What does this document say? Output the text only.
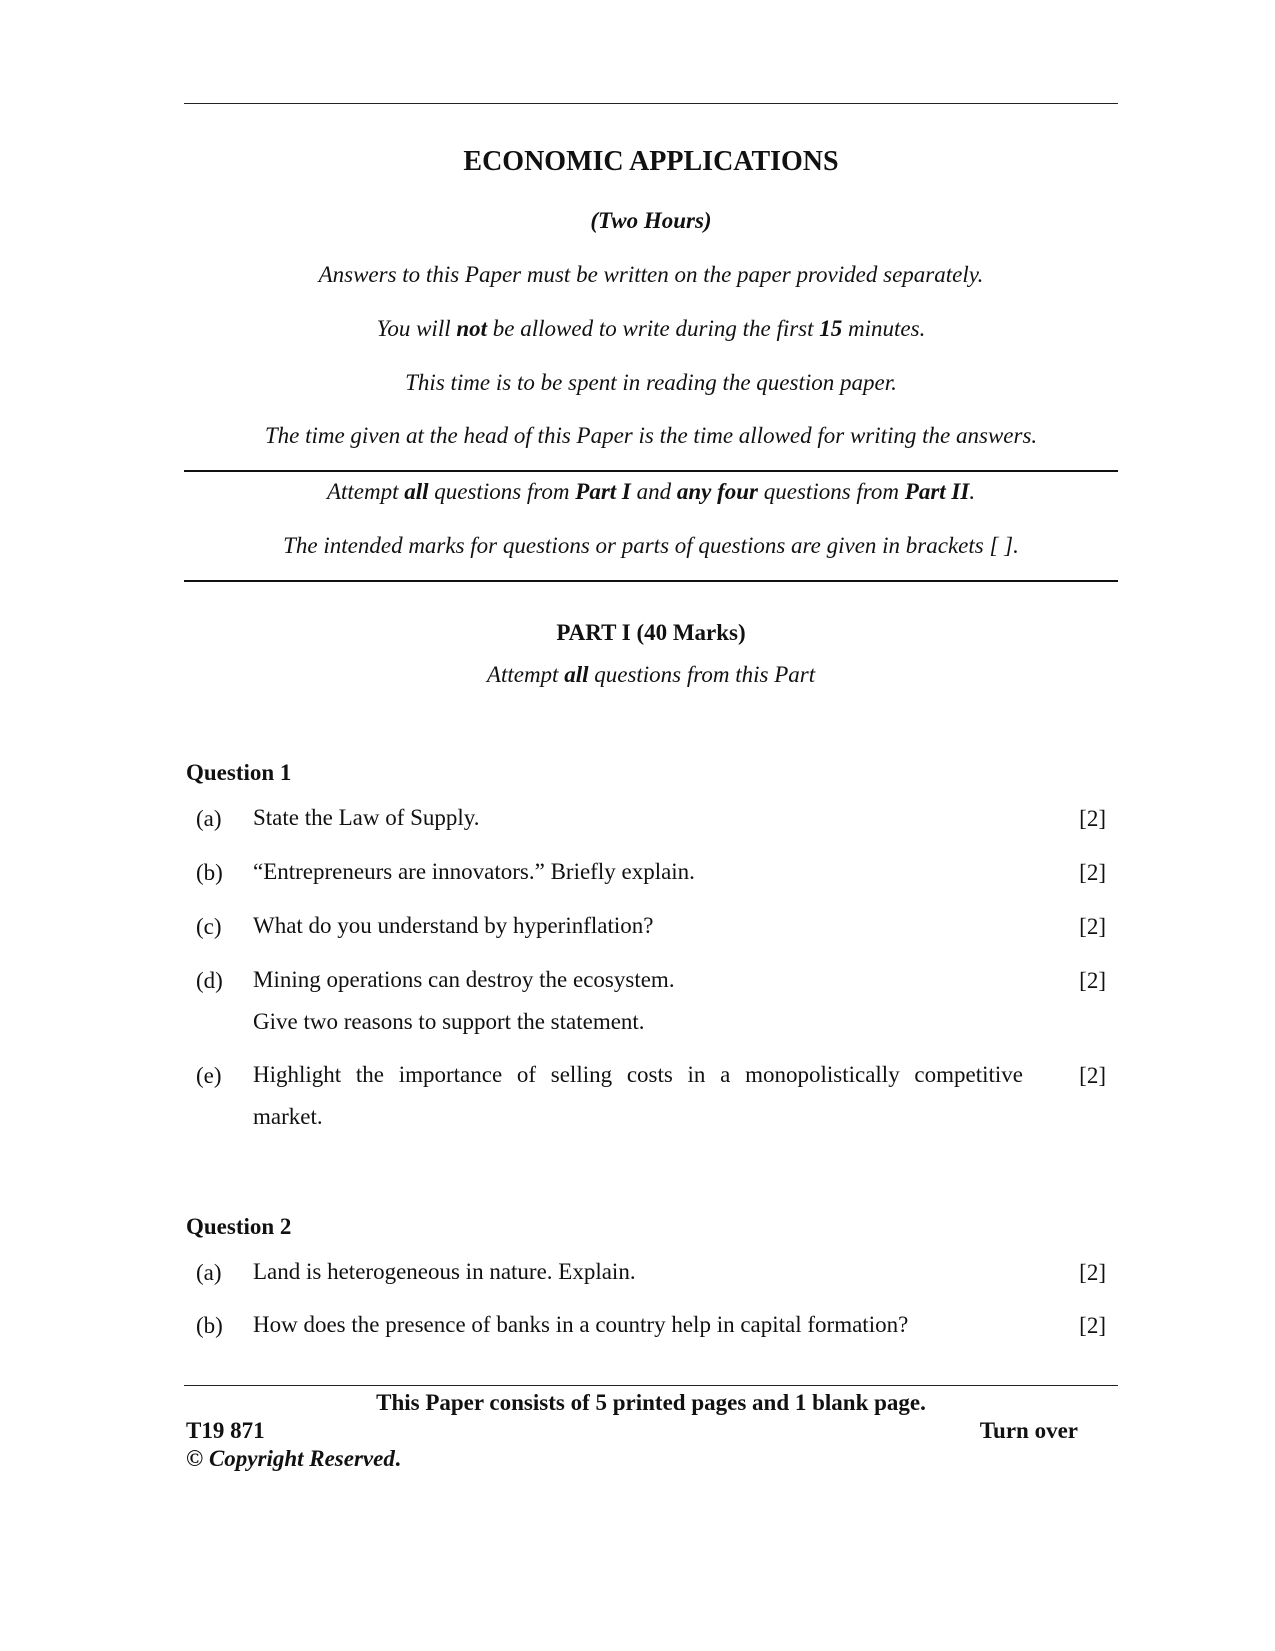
ECONOMIC APPLICATIONS
(Two Hours)
Answers to this Paper must be written on the paper provided separately.
You will not be allowed to write during the first 15 minutes.
This time is to be spent in reading the question paper.
The time given at the head of this Paper is the time allowed for writing the answers.
Attempt all questions from Part I and any four questions from Part II.
The intended marks for questions or parts of questions are given in brackets [ ].
PART I (40 Marks)
Attempt all questions from this Part
Question 1
(a) State the Law of Supply.	[2]
(b) “Entrepreneurs are innovators.” Briefly explain.	[2]
(c) What do you understand by hyperinflation?	[2]
(d) Mining operations can destroy the ecosystem.
Give two reasons to support the statement.
[2]
(e) Highlight the importance of selling costs in a monopolistically competitive
market.
[2]
Question 2
(a) Land is heterogeneous in nature. Explain.	[2]
(b) How does the presence of banks in a country help in capital formation?	[2]
This Paper consists of 5 printed pages and 1 blank page.
T19 871	Turn over
© Copyright Reserved.
